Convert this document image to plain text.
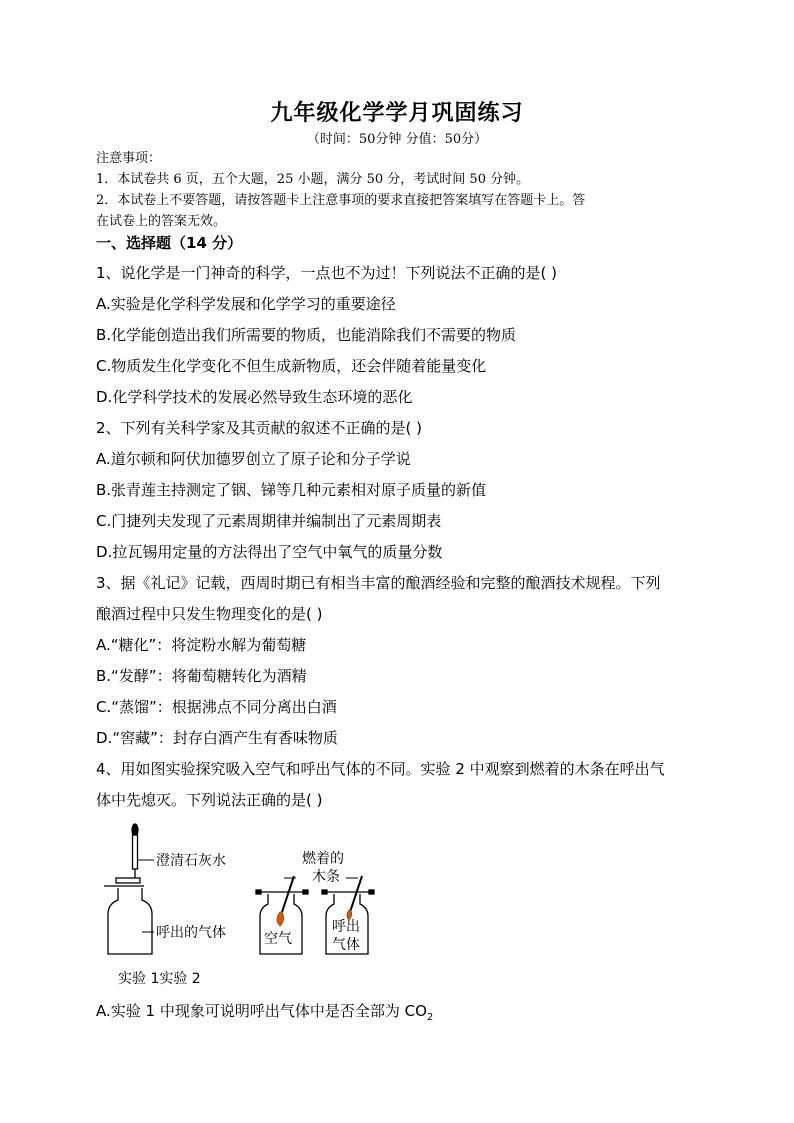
九年级化学学月巩固练习
（时间：50分钟 分值：50分）
注意事项：
1．本试卷共 6 页，五个大题，25 小题，满分 50 分，考试时间 50 分钟。
2．本试卷上不要答题，请按答题卡上注意事项的要求直接把答案填写在答题卡上。答
在试卷上的答案无效。
一、选择题（14 分）
1、说化学是一门神奇的科学，一点也不为过！下列说法不正确的是( )
A.实验是化学科学发展和化学学习的重要途径
B.化学能创造出我们所需要的物质，也能消除我们不需要的物质
C.物质发生化学变化不但生成新物质，还会伴随着能量变化
D.化学科学技术的发展必然导致生态环境的恶化
2、下列有关科学家及其贡献的叙述不正确的是( )
A.道尔顿和阿伏加德罗创立了原子论和分子学说
B.张青莲主持测定了铟、锑等几种元素相对原子质量的新值
C.门捷列夫发现了元素周期律并编制出了元素周期表
D.拉瓦锡用定量的方法得出了空气中氧气的质量分数
3、据《礼记》记载，西周时期已有相当丰富的酿酒经验和完整的酿酒技术规程。下列
酿酒过程中只发生物理变化的是( )
A.“糖化”：将淀粉水解为葡萄糖
B.“发酵”：将葡萄糖转化为酒精
C.“蒸馏”：根据沸点不同分离出白酒
D.“窖藏”：封存白酒产生有香味物质
4、用如图实验探究吸入空气和呼出气体的不同。实验 2 中观察到燃着的木条在呼出气
体中先熄灭。下列说法正确的是( )
澄清石灰水
呼出的气体
燃着的
木条
空气
呼出
气体
实验 1实验 2
A.实验 1 中现象可说明呼出气体中是否全部为 $CO_2$
